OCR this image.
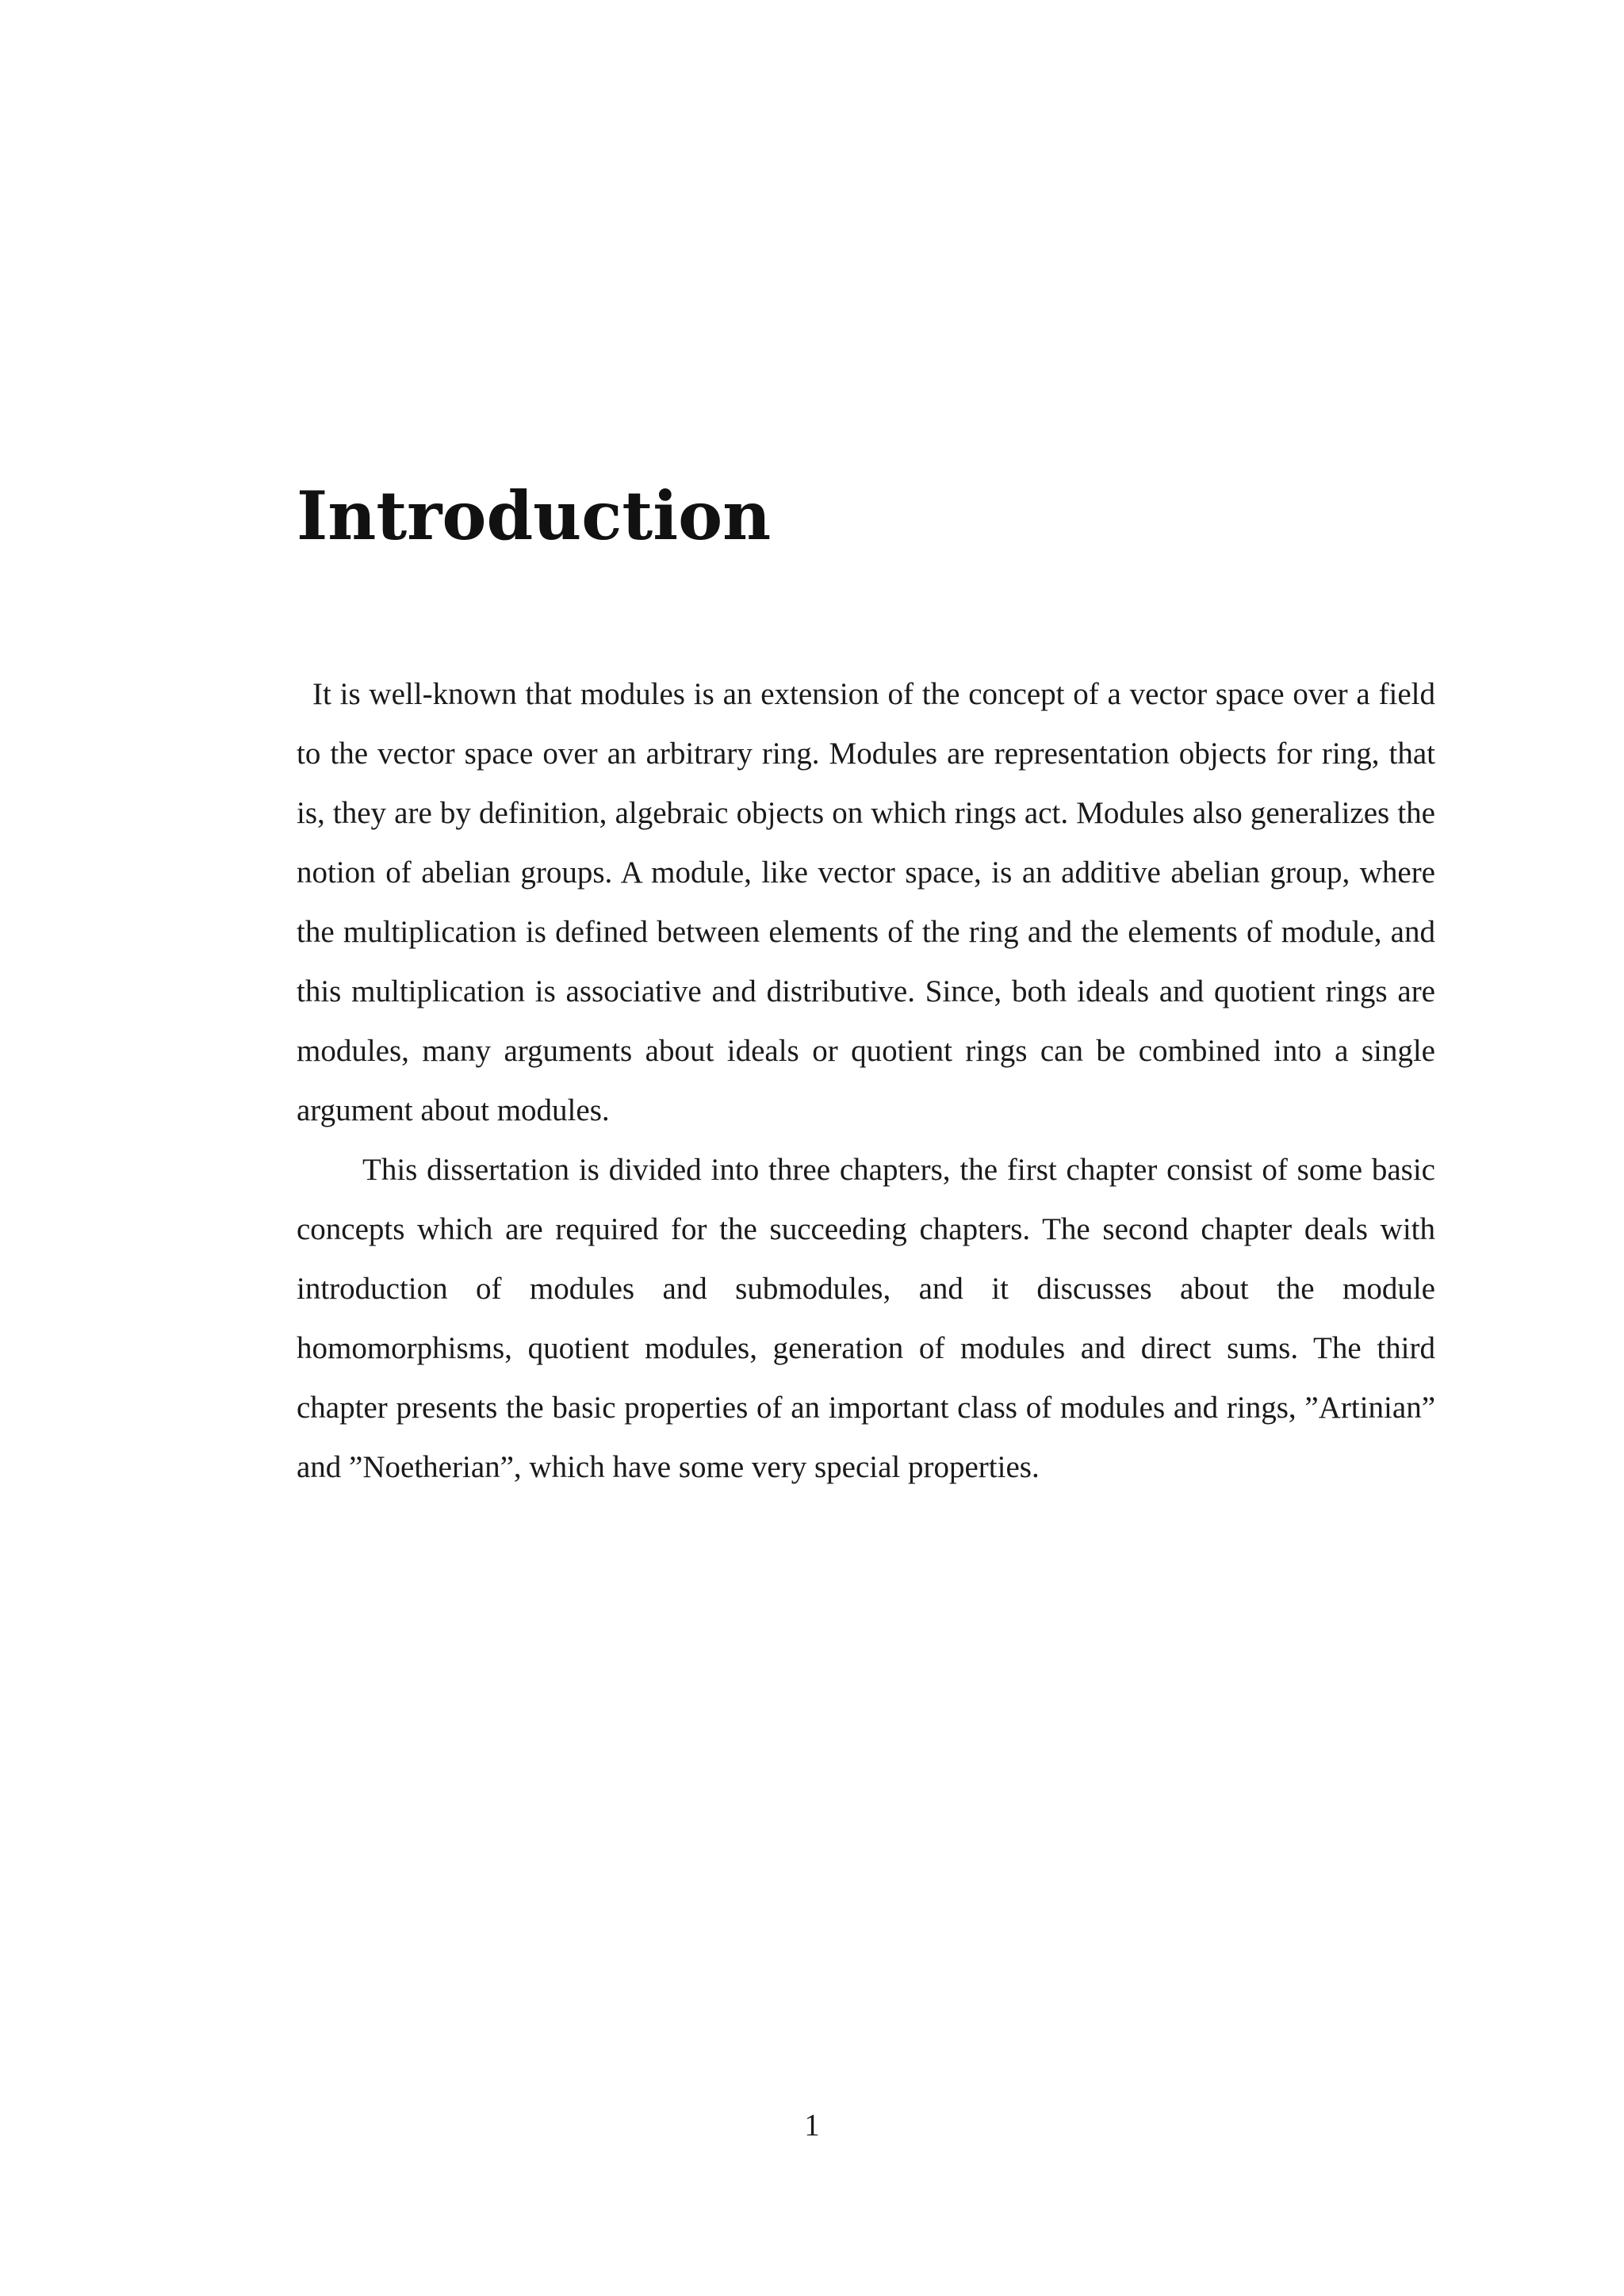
Introduction

It is well-known that modules is an extension of the concept of a vector space over a field to the vector space over an arbitrary ring. Modules are representation objects for ring, that is, they are by definition, algebraic objects on which rings act. Modules also generalizes the notion of abelian groups. A module, like vector space, is an additive abelian group, where the multiplication is defined between elements of the ring and the elements of module, and this multiplication is associative and distributive. Since, both ideals and quotient rings are modules, many arguments about ideals or quotient rings can be combined into a single argument about modules.

This dissertation is divided into three chapters, the first chapter consist of some basic concepts which are required for the succeeding chapters. The second chapter deals with introduction of modules and submodules, and it discusses about the module homomorphisms, quotient modules, generation of modules and direct sums. The third chapter presents the basic properties of an important class of modules and rings, ”Artinian” and ”Noetherian”, which have some very special properties.

1
